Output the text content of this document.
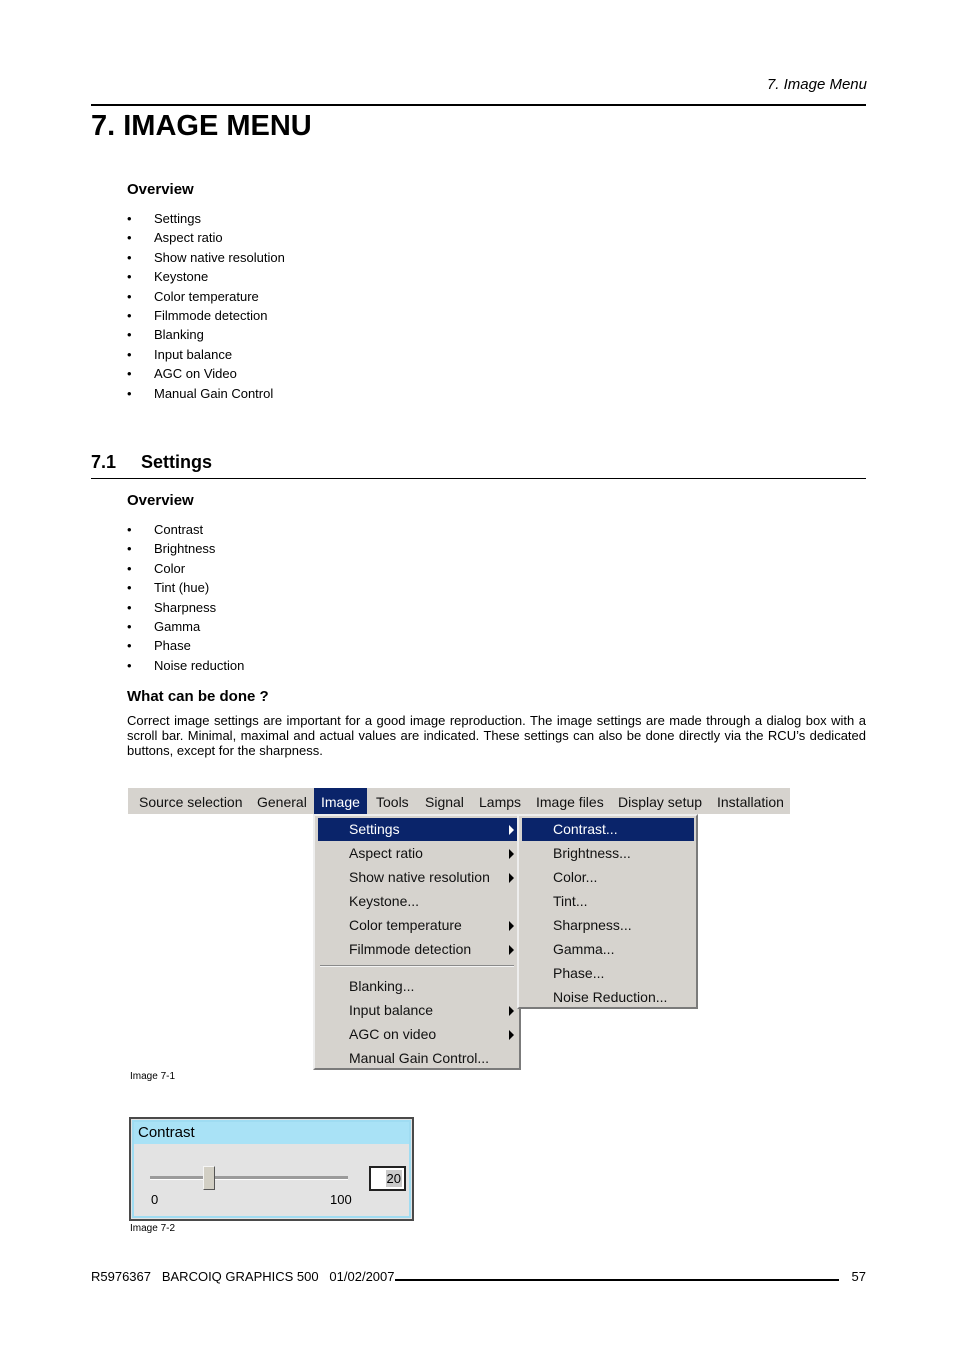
7. Image Menu
7. IMAGE MENU
Overview
• Settings
• Aspect ratio
• Show native resolution
• Keystone
• Color temperature
• Filmmode detection
• Blanking
• Input balance
• AGC on Video
• Manual Gain Control
7.1 Settings
Overview
• Contrast
• Brightness
• Color
• Tint (hue)
• Sharpness
• Gamma
• Phase
• Noise reduction
What can be done ?
Correct image settings are important for a good image reproduction. The image settings are made through a dialog box with a scroll bar. Minimal, maximal and actual values are indicated. These settings can also be done directly via the RCU’s dedicated buttons, except for the sharpness.
Source selection	General	Image	Tools	Signal	Lamps	Image files	Display setup	Installation
Settings
Aspect ratio
Show native resolution
Keystone...
Color temperature
Filmmode detection
Blanking...
Input balance
AGC on video
Manual Gain Control...
Contrast...
Brightness...
Color...
Tint...
Sharpness...
Gamma...
Phase...
Noise Reduction...
Image 7-1
Contrast
20
0	100
Image 7-2
R5976367   BARCOIQ GRAPHICS 500   01/02/2007	57
